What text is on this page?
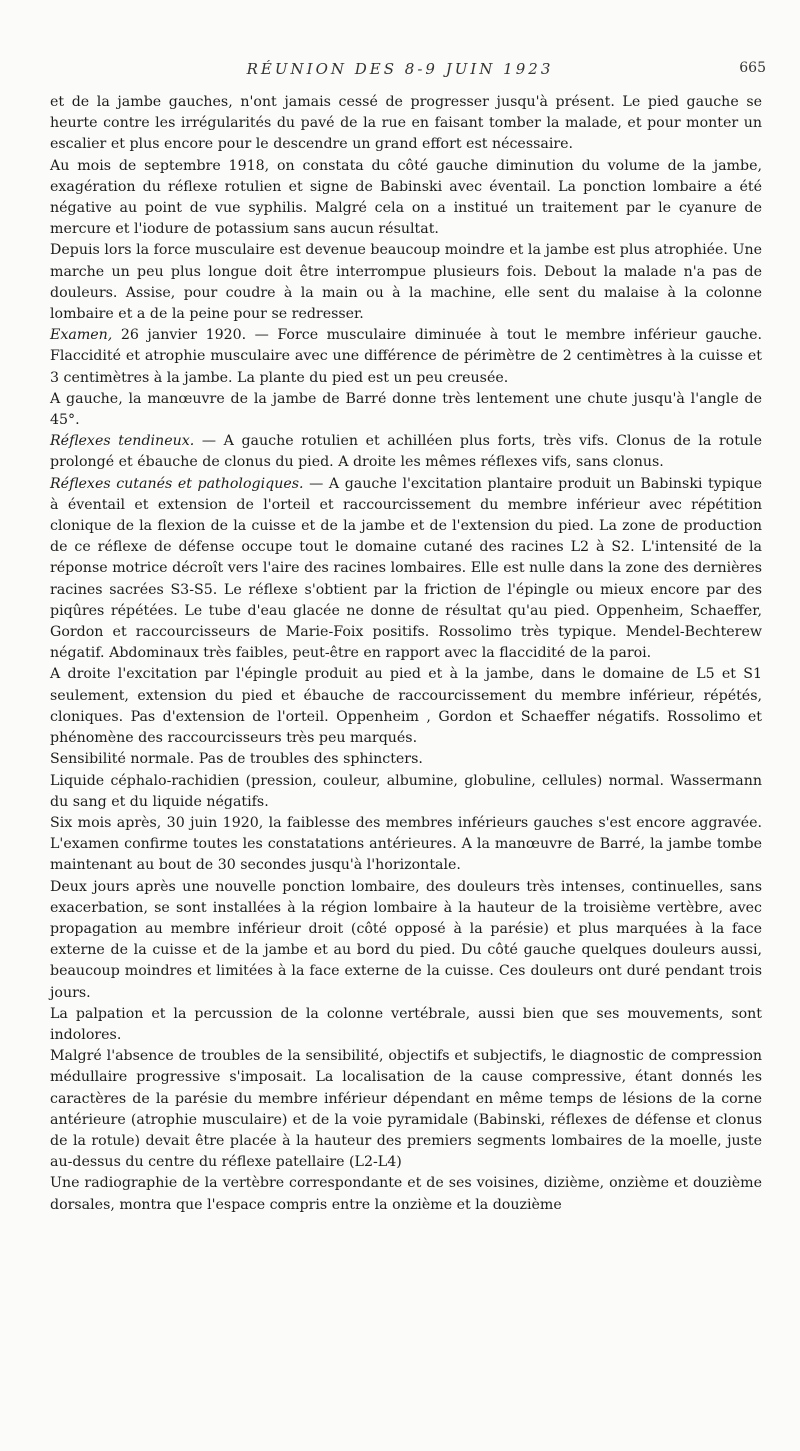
RÉUNION DES 8-9 JUIN 1923	665

et de la jambe gauches, n'ont jamais cessé de progresser jusqu'à présent. Le pied gauche se heurte contre les irrégularités du pavé de la rue en faisant tomber la malade, et pour monter un escalier et plus encore pour le descendre un grand effort est nécessaire.

Au mois de septembre 1918, on constata du côté gauche diminution du volume de la jambe, exagération du réflexe rotulien et signe de Babinski avec éventail. La ponction lombaire a été négative au point de vue syphilis. Malgré cela on a institué un traitement par le cyanure de mercure et l'iodure de potassium sans aucun résultat.

Depuis lors la force musculaire est devenue beaucoup moindre et la jambe est plus atrophiée. Une marche un peu plus longue doit être interrompue plusieurs fois. Debout la malade n'a pas de douleurs. Assise, pour coudre à la main ou à la machine, elle sent du malaise à la colonne lombaire et a de la peine pour se redresser.

Examen, 26 janvier 1920. — Force musculaire diminuée à tout le membre inférieur gauche. Flaccidité et atrophie musculaire avec une différence de périmètre de 2 centimètres à la cuisse et 3 centimètres à la jambe. La plante du pied est un peu creusée.

A gauche, la manœuvre de la jambe de Barré donne très lentement une chute jusqu'à l'angle de 45°.

Réflexes tendineux. — A gauche rotulien et achilléen plus forts, très vifs. Clonus de la rotule prolongé et ébauche de clonus du pied. A droite les mêmes réflexes vifs, sans clonus.

Réflexes cutanés et pathologiques. — A gauche l'excitation plantaire produit un Babinski typique à éventail et extension de l'orteil et raccourcissement du membre inférieur avec répétition clonique de la flexion de la cuisse et de la jambe et de l'extension du pied. La zone de production de ce réflexe de défense occupe tout le domaine cutané des racines L2 à S2. L'intensité de la réponse motrice décroît vers l'aire des racines lombaires. Elle est nulle dans la zone des dernières racines sacrées S3-S5. Le réflexe s'obtient par la friction de l'épingle ou mieux encore par des piqûres répétées. Le tube d'eau glacée ne donne de résultat qu'au pied. Oppenheim, Schaeffer, Gordon et raccourcisseurs de Marie-Foix positifs. Rossolimo très typique. Mendel-Bechterew négatif. Abdominaux très faibles, peut-être en rapport avec la flaccidité de la paroi.

A droite l'excitation par l'épingle produit au pied et à la jambe, dans le domaine de L5 et S1 seulement, extension du pied et ébauche de raccourcissement du membre inférieur, répétés, cloniques. Pas d'extension de l'orteil. Oppenheim , Gordon et Schaeffer négatifs. Rossolimo et phénomène des raccourcisseurs très peu marqués.

Sensibilité normale. Pas de troubles des sphincters.

Liquide céphalo-rachidien (pression, couleur, albumine, globuline, cellules) normal. Wassermann du sang et du liquide négatifs.

Six mois après, 30 juin 1920, la faiblesse des membres inférieurs gauches s'est encore aggravée. L'examen confirme toutes les constatations antérieures. A la manœuvre de Barré, la jambe tombe maintenant au bout de 30 secondes jusqu'à l'horizontale.

Deux jours après une nouvelle ponction lombaire, des douleurs très intenses, continuelles, sans exacerbation, se sont installées à la région lombaire à la hauteur de la troisième vertèbre, avec propagation au membre inférieur droit (côté opposé à la parésie) et plus marquées à la face externe de la cuisse et de la jambe et au bord du pied. Du côté gauche quelques douleurs aussi, beaucoup moindres et limitées à la face externe de la cuisse. Ces douleurs ont duré pendant trois jours.

La palpation et la percussion de la colonne vertébrale, aussi bien que ses mouvements, sont indolores.

Malgré l'absence de troubles de la sensibilité, objectifs et subjectifs, le diagnostic de compression médullaire progressive s'imposait. La localisation de la cause compressive, étant donnés les caractères de la parésie du membre inférieur dépendant en même temps de lésions de la corne antérieure (atrophie musculaire) et de la voie pyramidale (Babinski, réflexes de défense et clonus de la rotule) devait être placée à la hauteur des premiers segments lombaires de la moelle, juste au-dessus du centre du réflexe patellaire (L2-L4)

Une radiographie de la vertèbre correspondante et de ses voisines, dizième, onzième et douzième dorsales, montra que l'espace compris entre la onzième et la douzième
